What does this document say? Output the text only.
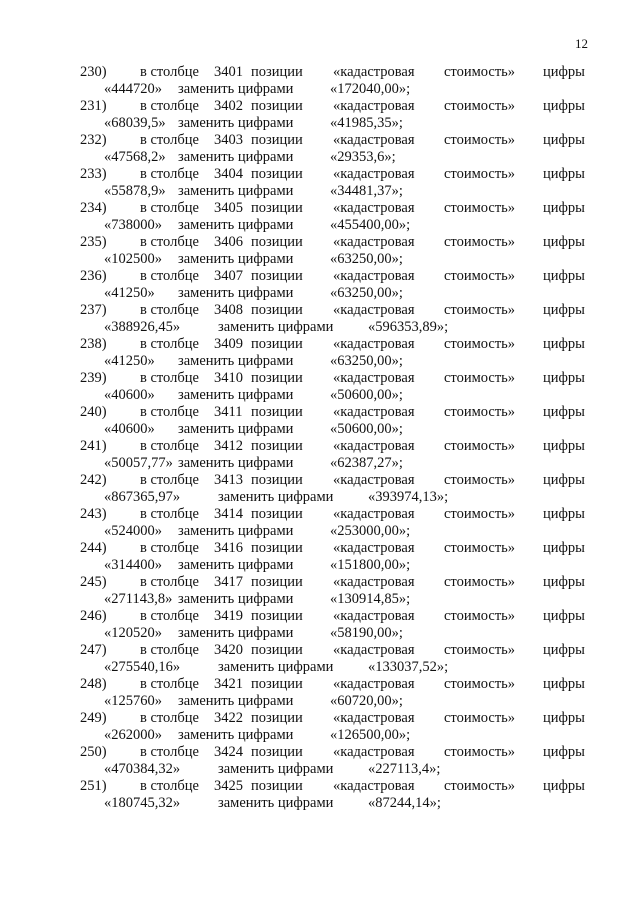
12
230) в столбце 3401 позиции «кадастровая стоимость» цифры
«444720» заменить цифрами	«172040,00»;
231) в столбце 3402 позиции «кадастровая стоимость» цифры
«68039,5» заменить цифрами	«41985,35»;
232) в столбце 3403 позиции «кадастровая стоимость» цифры
«47568,2» заменить цифрами	«29353,6»;
233) в столбце 3404 позиции «кадастровая стоимость» цифры
«55878,9» заменить цифрами	«34481,37»;
234) в столбце 3405 позиции «кадастровая стоимость» цифры
«738000» заменить цифрами	«455400,00»;
235) в столбце 3406 позиции «кадастровая стоимость» цифры
«102500» заменить цифрами	«63250,00»;
236) в столбце 3407 позиции «кадастровая стоимость» цифры
«41250» заменить цифрами	«63250,00»;
237) в столбце 3408 позиции «кадастровая стоимость» цифры
«388926,45»	заменить цифрами «596353,89»;
238) в столбце 3409 позиции «кадастровая стоимость» цифры
«41250» заменить цифрами	«63250,00»;
239) в столбце 3410 позиции «кадастровая стоимость» цифры
«40600» заменить цифрами	«50600,00»;
240) в столбце 3411 позиции «кадастровая стоимость» цифры
«40600» заменить цифрами	«50600,00»;
241) в столбце 3412 позиции «кадастровая стоимость» цифры
«50057,77» заменить цифрами	«62387,27»;
242) в столбце 3413 позиции «кадастровая стоимость» цифры
«867365,97»	заменить цифрами «393974,13»;
243) в столбце 3414 позиции «кадастровая стоимость» цифры
«524000» заменить цифрами	«253000,00»;
244) в столбце 3416 позиции «кадастровая стоимость» цифры
«314400» заменить цифрами	«151800,00»;
245) в столбце 3417 позиции «кадастровая стоимость» цифры
«271143,8» заменить цифрами	«130914,85»;
246) в столбце 3419 позиции «кадастровая стоимость» цифры
«120520» заменить цифрами	«58190,00»;
247) в столбце 3420 позиции «кадастровая стоимость» цифры
«275540,16»	заменить цифрами «133037,52»;
248) в столбце 3421 позиции «кадастровая стоимость» цифры
«125760» заменить цифрами	«60720,00»;
249) в столбце 3422 позиции «кадастровая стоимость» цифры
«262000» заменить цифрами	«126500,00»;
250) в столбце 3424 позиции «кадастровая стоимость» цифры
«470384,32»	заменить цифрами «227113,4»;
251) в столбце 3425 позиции «кадастровая стоимость» цифры
«180745,32»	заменить цифрами «87244,14»;
